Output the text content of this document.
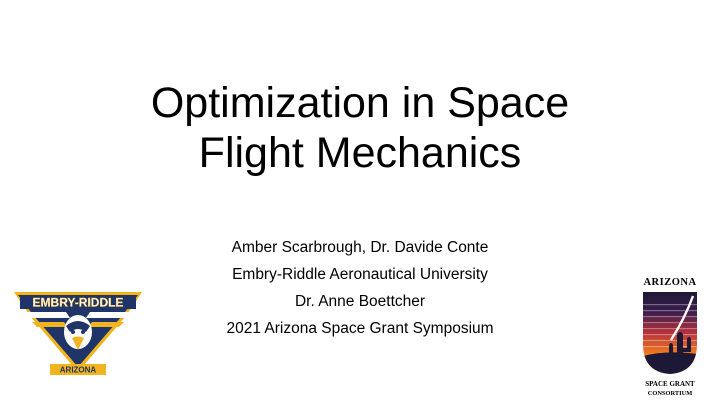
Optimization in Space
Flight Mechanics
Amber Scarbrough, Dr. Davide Conte
Embry-Riddle Aeronautical University
Dr. Anne Boettcher
2021 Arizona Space Grant Symposium
EMBRY-RIDDLE
ARIZONA
ARIZONA
SPACE GRANT
CONSORTIUM
